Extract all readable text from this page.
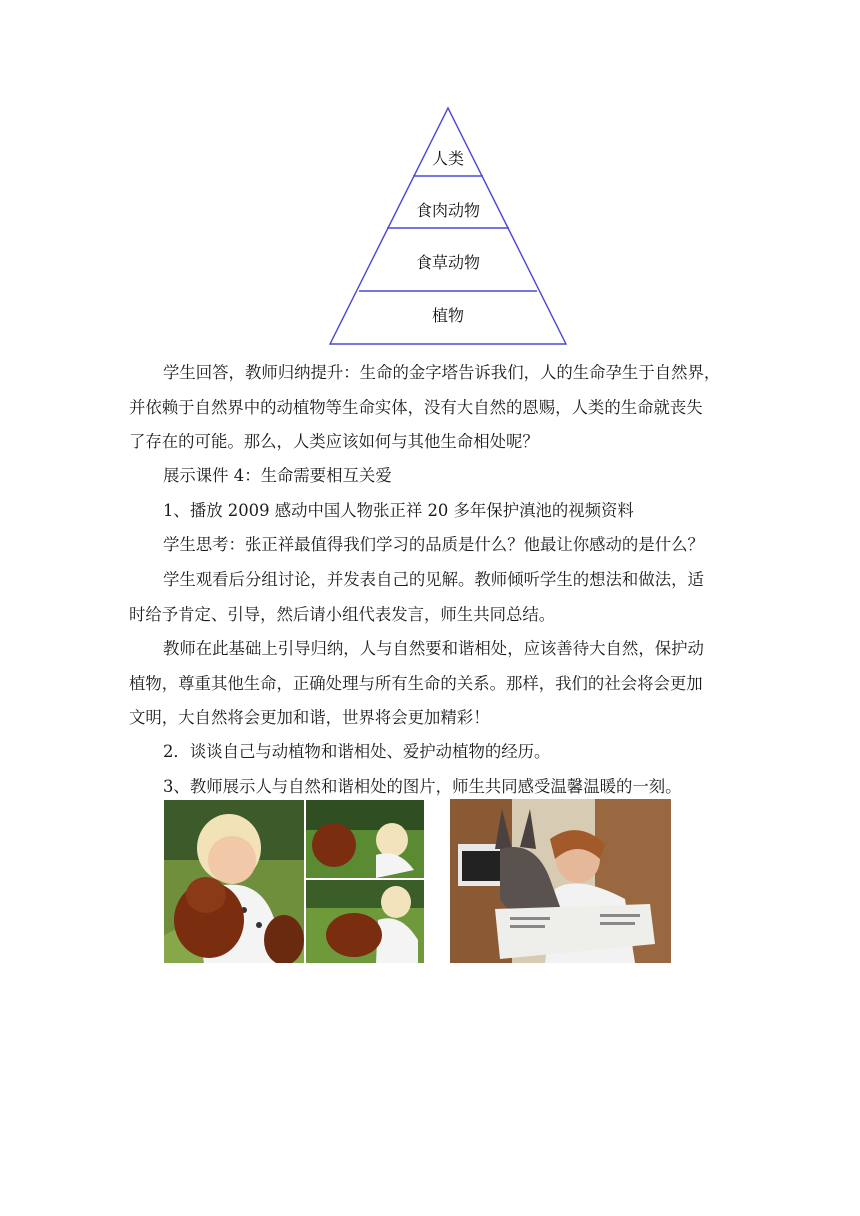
人类
食肉动物
食草动物
植物

学生回答，教师归纳提升：生命的金字塔告诉我们，人的生命孕生于自然界，
并依赖于自然界中的动植物等生命实体，没有大自然的恩赐，人类的生命就丧失
了存在的可能。那么，人类应该如何与其他生命相处呢？

展示课件 4：生命需要相互关爱

1、播放 2009 感动中国人物张正祥 20 多年保护滇池的视频资料

学生思考：张正祥最值得我们学习的品质是什么？他最让你感动的是什么？

学生观看后分组讨论，并发表自己的见解。教师倾听学生的想法和做法，适
时给予肯定、引导，然后请小组代表发言，师生共同总结。

教师在此基础上引导归纳，人与自然要和谐相处，应该善待大自然，保护动
植物，尊重其他生命，正确处理与所有生命的关系。那样，我们的社会将会更加
文明，大自然将会更加和谐，世界将会更加精彩！

2．谈谈自己与动植物和谐相处、爱护动植物的经历。

3、教师展示人与自然和谐相处的图片，师生共同感受温馨温暖的一刻。
